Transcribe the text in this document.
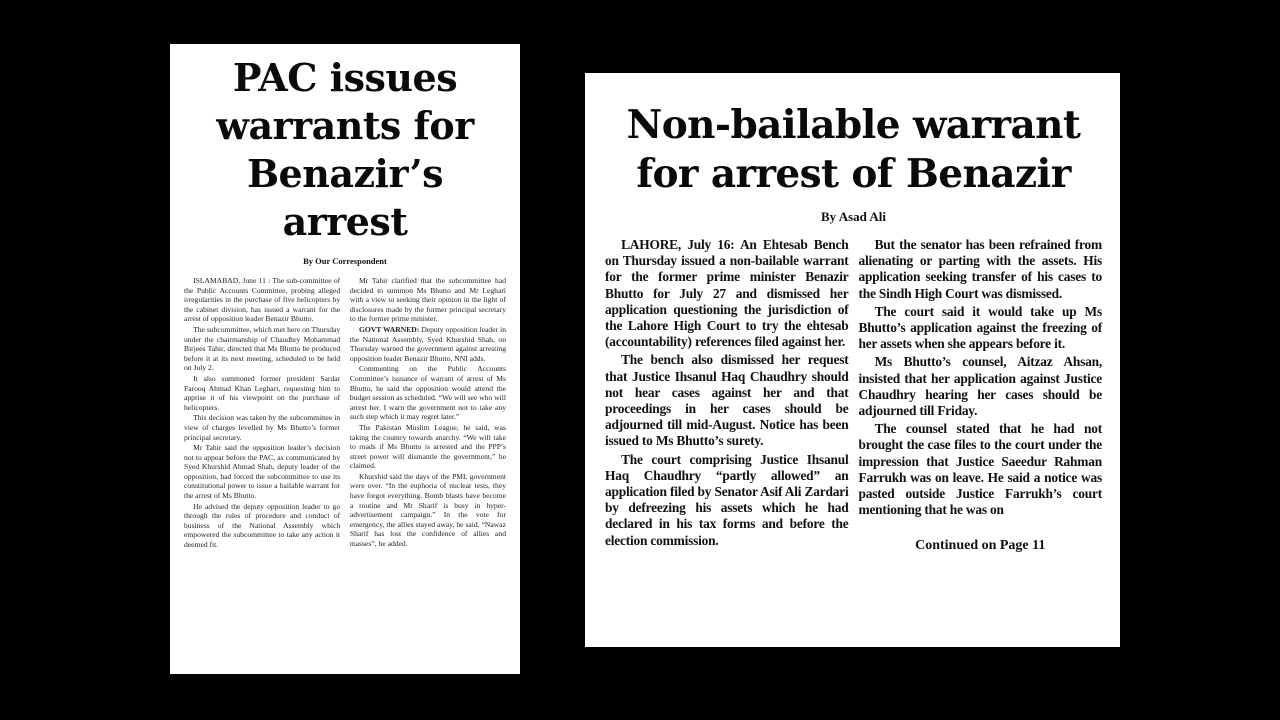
PAC issues
warrants for
Benazir’s
arrest
By Our Correspondent

ISLAMABAD, June 11 : The sub-committee of the Public Accounts Committee, probing alleged irregularities in the purchase of five helicopters by the cabinet division, has issued a warrant for the arrest of opposition leader Benazir Bhutto.

The subcommittee, which met here on Thursday under the chairmanship of Chaudhry Mohammad Birjees Tahir, directed that Ms Bhutto be produced before it at its next meeting, scheduled to be held on July 2.

It also summoned former president Sardar Farooq Ahmad Khan Leghari, requesting him to apprise it of his viewpoint on the purchase of helicopters.

This decision was taken by the subcommittee in view of charges levelled by Ms Bhutto’s former principal secretary.

Mr Tahir said the opposition leader’s decision not to appear before the PAC, as communicated by Syed Khurshid Ahmad Shah, deputy leader of the opposition, had forced the subcommittee to use its constitutional power to issue a bailable warrant for the arrest of Ms Bhutto.

He advised the deputy opposition leader to go through the rules of procedure and conduct of business of the National Assembly which empowered the subcommittee to take any action it deemed fit.

Mr Tahir clarified that the subcommittee had decided to summon Ms Bhutto and Mr Leghari with a view to seeking their opinion in the light of disclosures made by the former principal secretary to the former prime minister.

GOVT WARNED: Deputy opposition leader in the National Assembly, Syed Khurshid Shah, on Thursday warned the government against arresting opposition leader Benazir Bhutto, NNI adds.

Commenting on the Public Accounts Committee’s issuance of warrant of arrest of Ms Bhutto, he said the opposition would attend the budget session as scheduled. “We will see who will arrest her. I warn the government not to take any such step which it may regret later.”

The Pakistan Muslim League, he said, was taking the country towards anarchy. “We will take to roads if Ms Bhutto is arrested and the PPP’s street power will dismantle the government,” he claimed.

Khurshid said the days of the PML government were over. “In the euphoria of nuclear tests, they have forgot everything. Bomb blasts have become a routine and Mr Sharif is busy in hyper- advertisement campaign.” In the vote for emergency, the allies stayed away, he said. “Nawaz Sharif has lost the confidence of allies and masses”, he added.

Non-bailable warrant
for arrest of Benazir
By Asad Ali

LAHORE, July 16: An Ehtesab Bench on Thursday issued a non-bailable warrant for the former prime minister Benazir Bhutto for July 27 and dismissed her application questioning the jurisdiction of the Lahore High Court to try the ehtesab (accountability) references filed against her.

The bench also dismissed her request that Justice Ihsanul Haq Chaudhry should not hear cases against her and that proceedings in her cases should be adjourned till mid-August. Notice has been issued to Ms Bhutto’s surety.

The court comprising Justice Ihsanul Haq Chaudhry “partly allowed” an application filed by Senator Asif Ali Zardari by defreezing his assets which he had declared in his tax forms and before the election commission.

But the senator has been refrained from alienating or parting with the assets. His application seeking transfer of his cases to the Sindh High Court was dismissed.

The court said it would take up Ms Bhutto’s application against the freezing of her assets when she appears before it.

Ms Bhutto’s counsel, Aitzaz Ahsan, insisted that her application against Justice Chaudhry hearing her cases should be adjourned till Friday.

The counsel stated that he had not brought the case files to the court under the impression that Justice Saeedur Rahman Farrukh was on leave. He said a notice was pasted outside Justice Farrukh’s court mentioning that he was on

Continued on Page 11
